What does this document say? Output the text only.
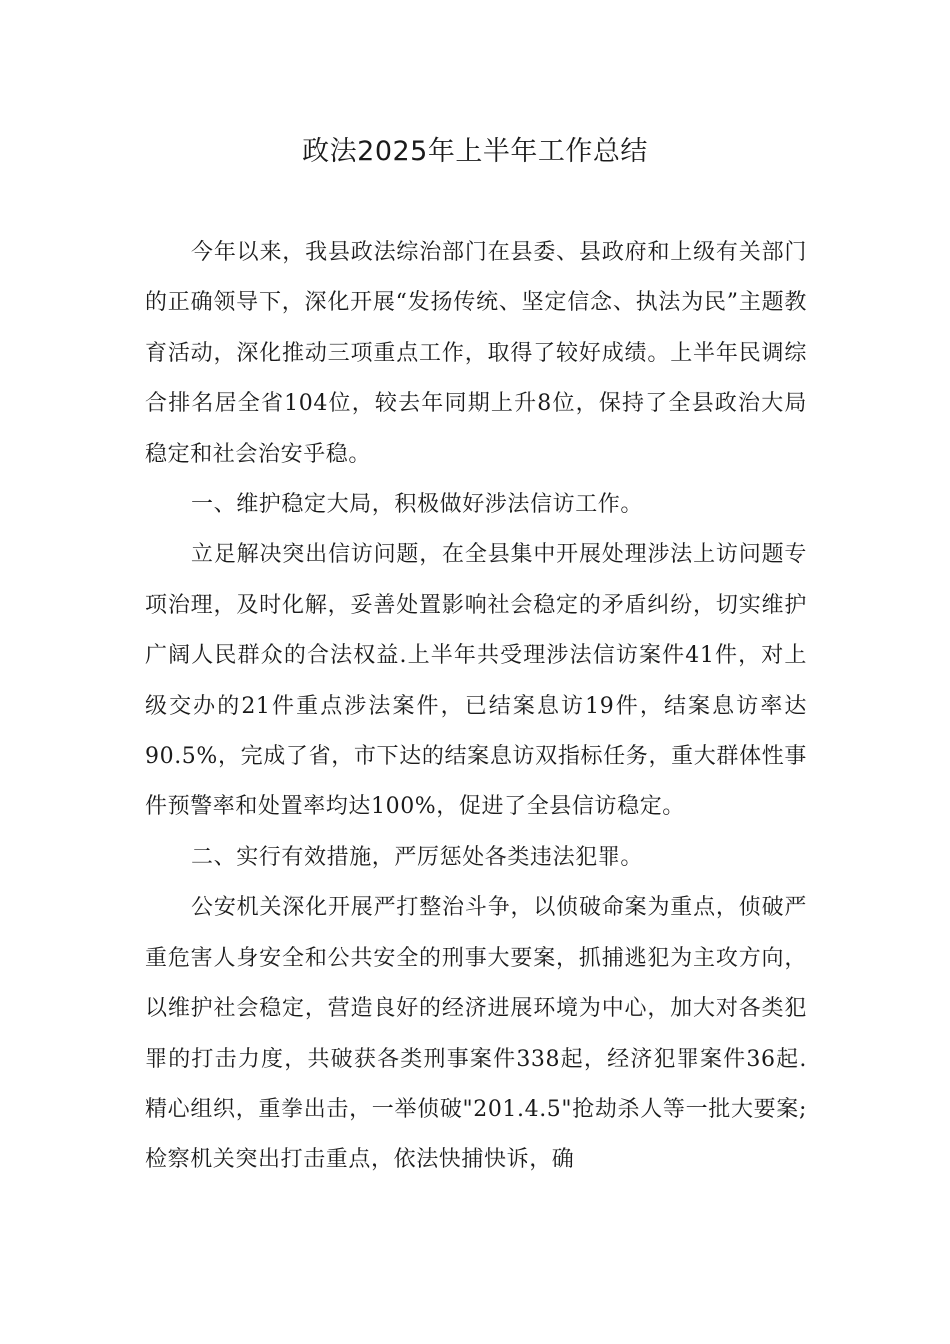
政法2025年上半年工作总结

今年以来，我县政法综治部门在县委、县政府和上级有关部门的正确领导下，深化开展“发扬传统、坚定信念、执法为民”主题教育活动，深化推动三项重点工作，取得了较好成绩。上半年民调综合排名居全省104位，较去年同期上升8位，保持了全县政治大局稳定和社会治安乎稳。

一、维护稳定大局，积极做好涉法信访工作。

立足解决突出信访问题，在全县集中开展处理涉法上访问题专项治理，及时化解，妥善处置影响社会稳定的矛盾纠纷，切实维护广阔人民群众的合法权益.上半年共受理涉法信访案件41件，对上级交办的21件重点涉法案件，已结案息访19件，结案息访率达90.5%，完成了省，市下达的结案息访双指标任务，重大群体性事件预警率和处置率均达100%，促进了全县信访稳定。

二、实行有效措施，严厉惩处各类违法犯罪。

公安机关深化开展严打整治斗争，以侦破命案为重点，侦破严重危害人身安全和公共安全的刑事大要案，抓捕逃犯为主攻方向，以维护社会稳定，营造良好的经济进展环境为中心，加大对各类犯罪的打击力度，共破获各类刑事案件338起，经济犯罪案件36起.精心组织，重拳出击，一举侦破"201.4.5"抢劫杀人等一批大要案;检察机关突出打击重点，依法快捕快诉，确
